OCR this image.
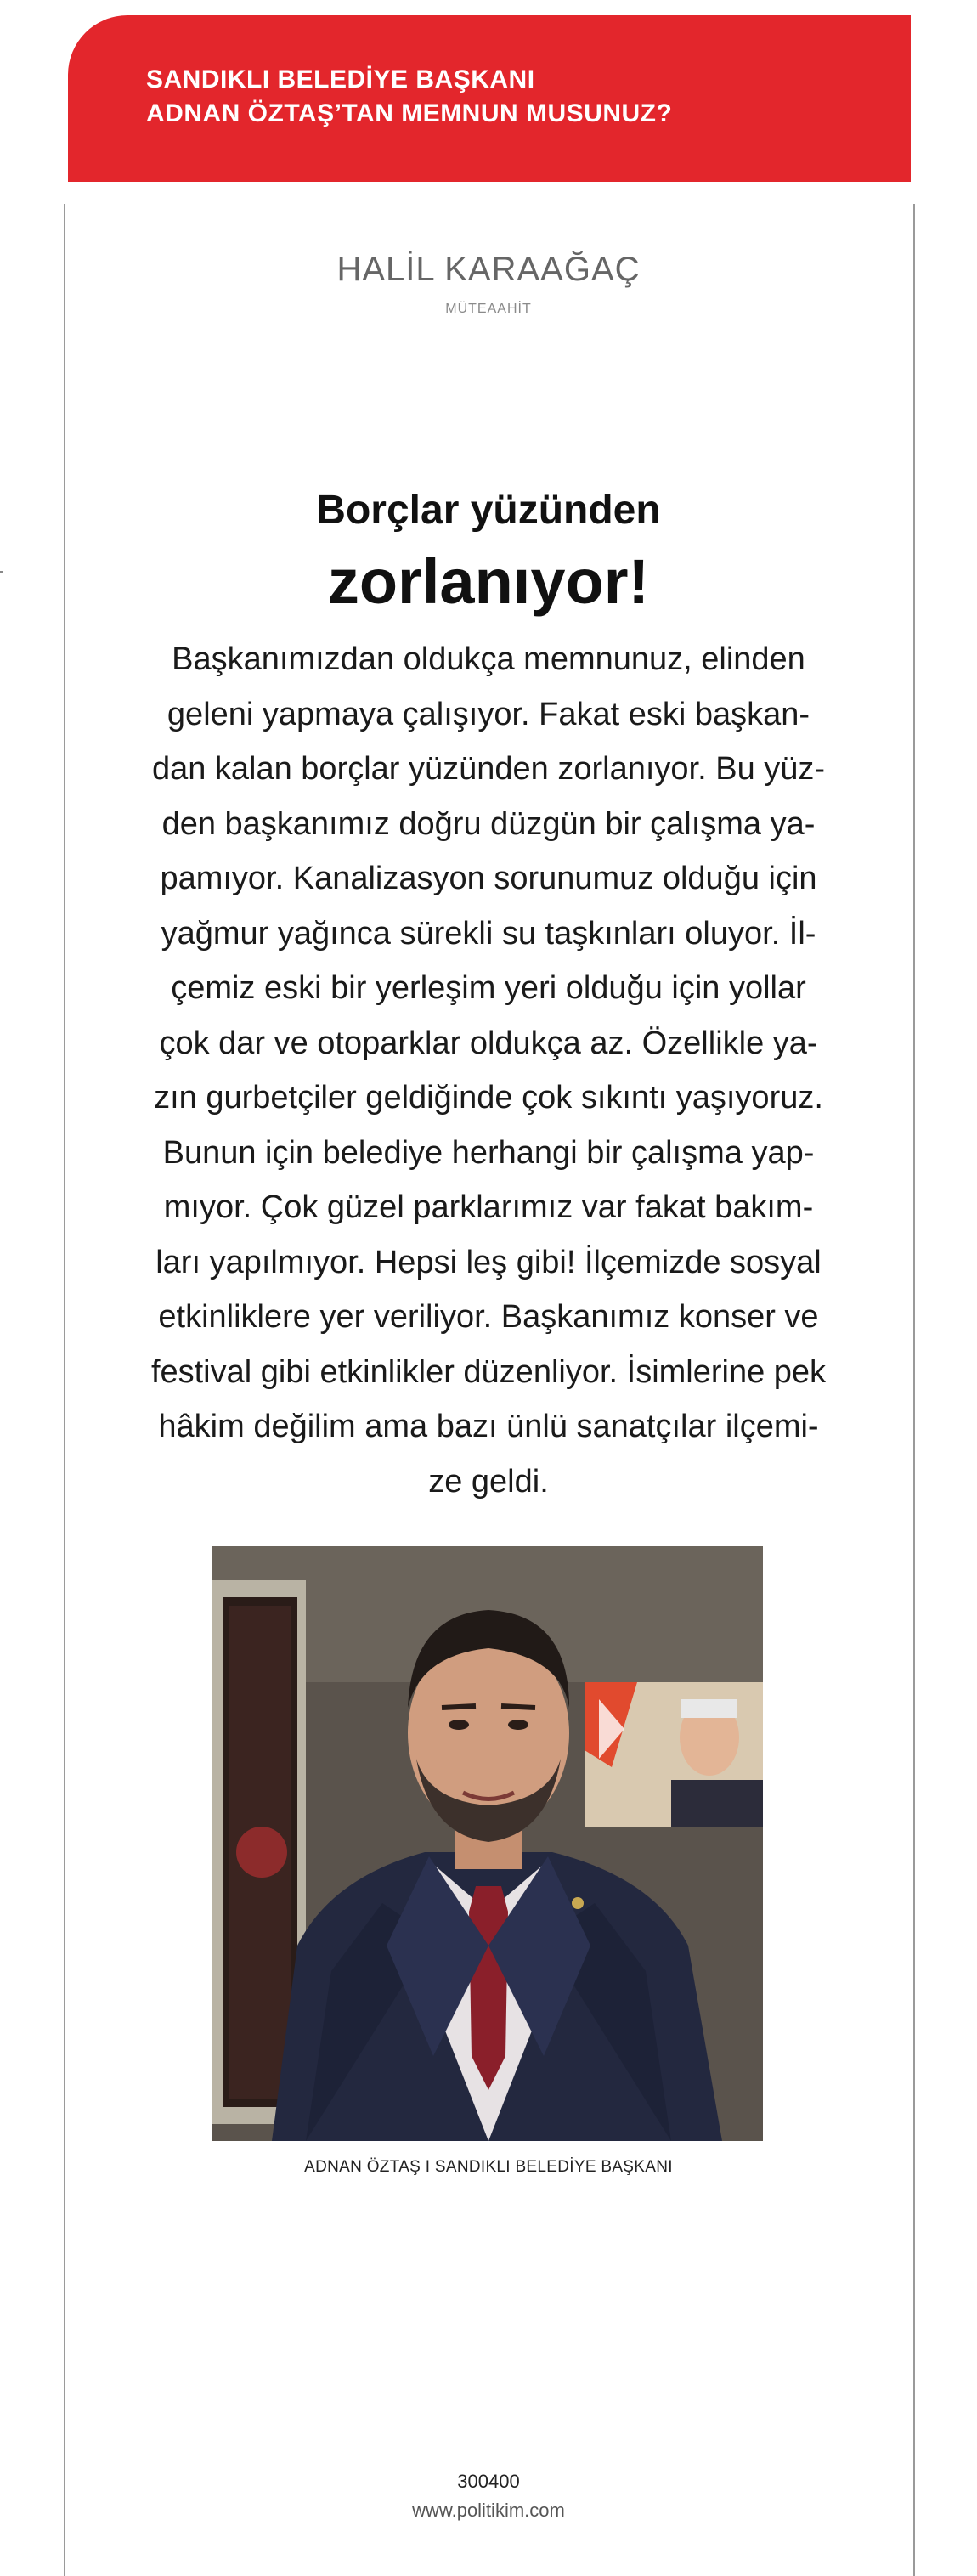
SANDIKLI BELEDİYE BAŞKANI
ADNAN ÖZTAŞ’TAN MEMNUN MUSUNUZ?
HALİL KARAAĞAÇ
MÜTEAAHİT
Borçlar yüzünden
zorlanıyor!

Başkanımızdan oldukça memnunuz, elinden
geleni yapmaya çalışıyor. Fakat eski başkan-
dan kalan borçlar yüzünden zorlanıyor. Bu yüz-
den başkanımız doğru düzgün bir çalışma ya-
pamıyor. Kanalizasyon sorunumuz olduğu için
yağmur yağınca sürekli su taşkınları oluyor. İl-
çemiz eski bir yerleşim yeri olduğu için yollar
çok dar ve otoparklar oldukça az. Özellikle ya-
zın gurbetçiler geldiğinde çok sıkıntı yaşıyoruz.
Bunun için belediye herhangi bir çalışma yap-
mıyor. Çok güzel parklarımız var fakat bakım-
ları yapılmıyor. Hepsi leş gibi! İlçemizde sosyal
etkinliklere yer veriliyor. Başkanımız konser ve
festival gibi etkinlikler düzenliyor. İsimlerine pek
hâkim değilim ama bazı ünlü sanatçılar ilçemi-
ze geldi.

ADNAN ÖZTAŞ I SANDIKLI BELEDİYE BAŞKANI
300400
www.politikim.com
